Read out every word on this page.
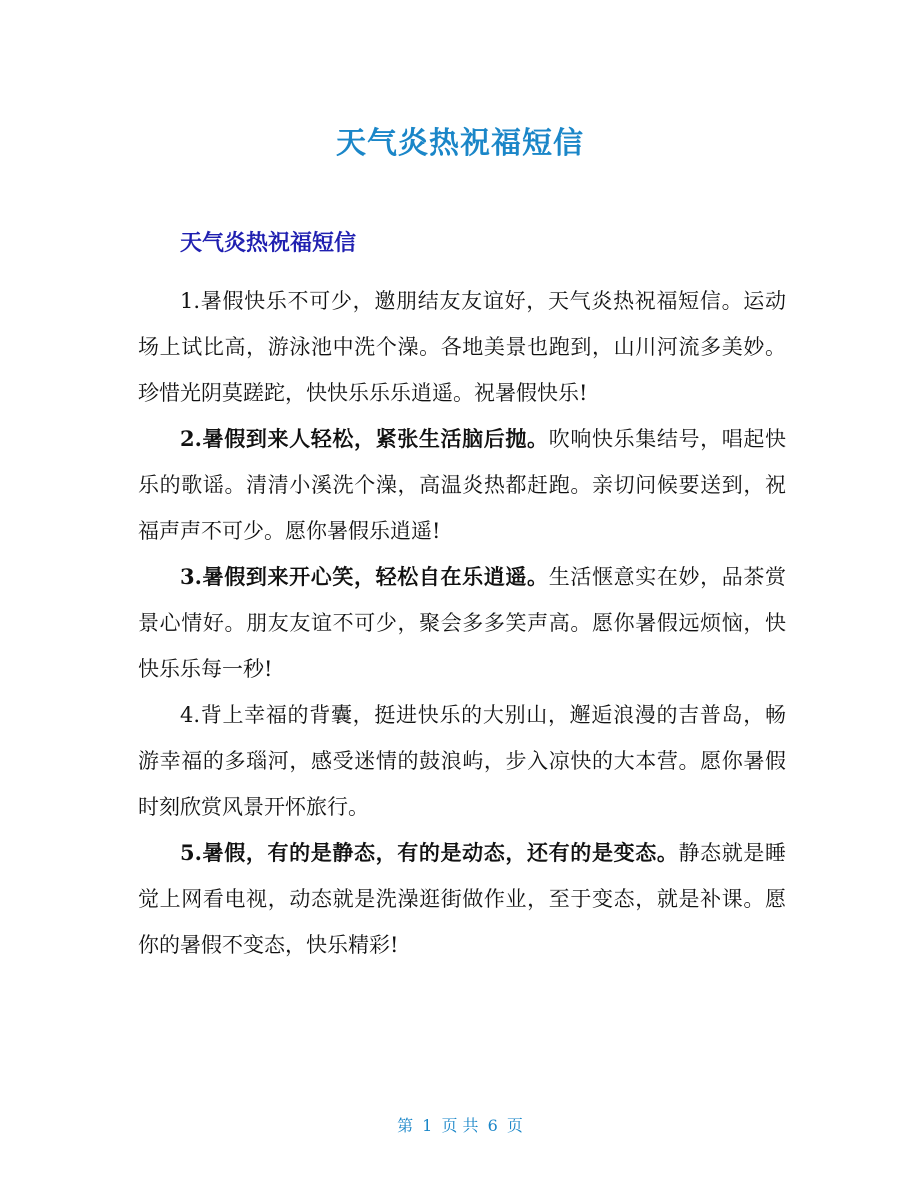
天气炎热祝福短信
天气炎热祝福短信

1.暑假快乐不可少，邀朋结友友谊好，天气炎热祝福短信。运动场上试比高，游泳池中洗个澡。各地美景也跑到，山川河流多美妙。珍惜光阴莫蹉跎，快快乐乐乐逍遥。祝暑假快乐!

2.暑假到来人轻松，紧张生活脑后抛。吹响快乐集结号，唱起快乐的歌谣。清清小溪洗个澡，高温炎热都赶跑。亲切问候要送到，祝福声声不可少。愿你暑假乐逍遥!

3.暑假到来开心笑，轻松自在乐逍遥。生活惬意实在妙，品茶赏景心情好。朋友友谊不可少，聚会多多笑声高。愿你暑假远烦恼，快快乐乐每一秒!

4.背上幸福的背囊，挺进快乐的大别山，邂逅浪漫的吉普岛，畅游幸福的多瑙河，感受迷情的鼓浪屿，步入凉快的大本营。愿你暑假时刻欣赏风景开怀旅行。

5.暑假，有的是静态，有的是动态，还有的是变态。静态就是睡觉上网看电视，动态就是洗澡逛街做作业，至于变态，就是补课。愿你的暑假不变态，快乐精彩!

第 1 页 共 6 页
